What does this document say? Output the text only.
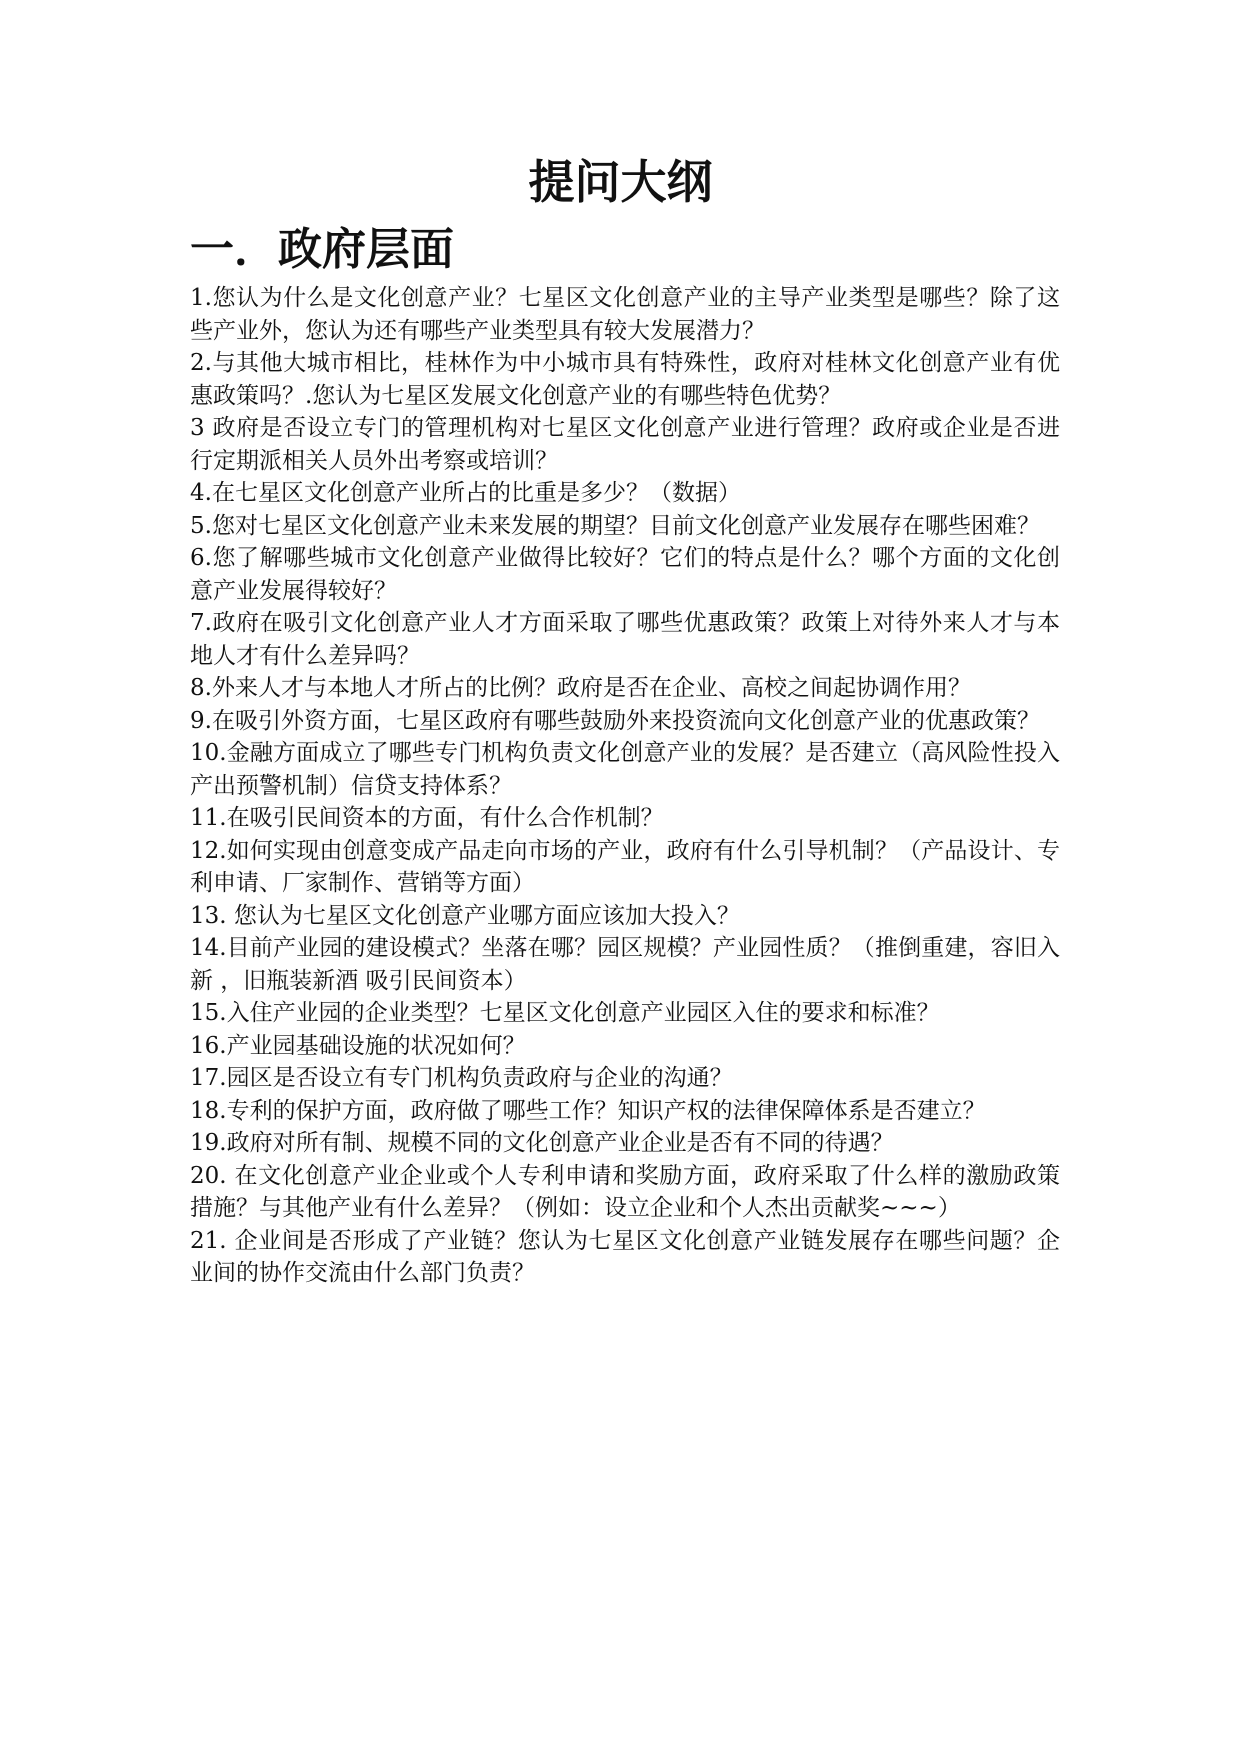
提问大纲
一．政府层面
1.您认为什么是文化创意产业？七星区文化创意产业的主导产业类型是哪些？除了这些产业外，您认为还有哪些产业类型具有较大发展潜力？
2.与其他大城市相比，桂林作为中小城市具有特殊性，政府对桂林文化创意产业有优惠政策吗？.您认为七星区发展文化创意产业的有哪些特色优势？
3 政府是否设立专门的管理机构对七星区文化创意产业进行管理？政府或企业是否进行定期派相关人员外出考察或培训？
4.在七星区文化创意产业所占的比重是多少？（数据）
5.您对七星区文化创意产业未来发展的期望？目前文化创意产业发展存在哪些困难？
6.您了解哪些城市文化创意产业做得比较好？它们的特点是什么？哪个方面的文化创意产业发展得较好？
7.政府在吸引文化创意产业人才方面采取了哪些优惠政策？政策上对待外来人才与本地人才有什么差异吗？
8.外来人才与本地人才所占的比例？政府是否在企业、高校之间起协调作用？
9.在吸引外资方面，七星区政府有哪些鼓励外来投资流向文化创意产业的优惠政策？
10.金融方面成立了哪些专门机构负责文化创意产业的发展？是否建立（高风险性投入产出预警机制）信贷支持体系？
11.在吸引民间资本的方面，有什么合作机制？
12.如何实现由创意变成产品走向市场的产业，政府有什么引导机制？（产品设计、专利申请、厂家制作、营销等方面）
13. 您认为七星区文化创意产业哪方面应该加大投入？
14.目前产业园的建设模式？坐落在哪？园区规模？产业园性质？（推倒重建，容旧入新 ，旧瓶装新酒 吸引民间资本）
15.入住产业园的企业类型？七星区文化创意产业园区入住的要求和标准？
16.产业园基础设施的状况如何？
17.园区是否设立有专门机构负责政府与企业的沟通？
18.专利的保护方面，政府做了哪些工作？知识产权的法律保障体系是否建立？
19.政府对所有制、规模不同的文化创意产业企业是否有不同的待遇？
20. 在文化创意产业企业或个人专利申请和奖励方面，政府采取了什么样的激励政策措施？与其他产业有什么差异？（例如：设立企业和个人杰出贡献奖~~~）
21. 企业间是否形成了产业链？您认为七星区文化创意产业链发展存在哪些问题？企业间的协作交流由什么部门负责？
